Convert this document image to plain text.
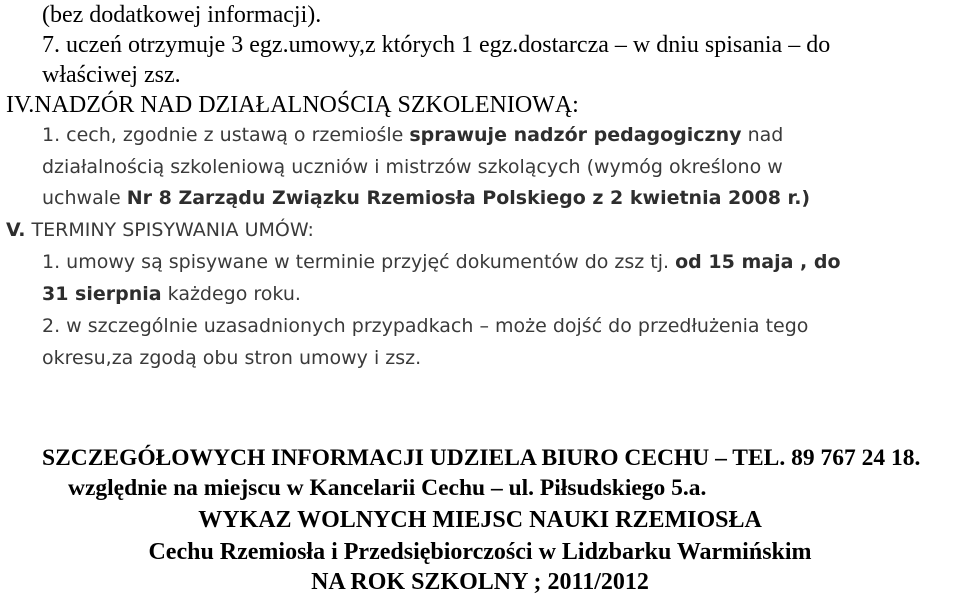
(bez dodatkowej informacji).
7. uczeń otrzymuje 3 egz.umowy,z których 1 egz.dostarcza – w dniu spisania – do
właściwej zsz.
IV.NADZÓR NAD DZIAŁALNOŚCIĄ SZKOLENIOWĄ:
1. cech, zgodnie z ustawą o rzemiośle sprawuje nadzór pedagogiczny nad
działalnością szkoleniową uczniów i mistrzów szkolących (wymóg określono w
uchwale Nr 8 Zarządu Związku Rzemiosła Polskiego z 2 kwietnia 2008 r.)
V. TERMINY SPISYWANIA UMÓW:
1. umowy są spisywane w terminie przyjęć dokumentów do zsz tj. od 15 maja , do
31 sierpnia każdego roku.
2. w szczególnie uzasadnionych przypadkach – może dojść do przedłużenia tego
okresu,za zgodą obu stron umowy i zsz.
SZCZEGÓŁOWYCH INFORMACJI UDZIELA BIURO CECHU – TEL. 89 767 24 18.
względnie na miejscu w Kancelarii Cechu – ul. Piłsudskiego 5.a.
WYKAZ WOLNYCH MIEJSC NAUKI RZEMIOSŁA
Cechu Rzemiosła i Przedsiębiorczości w Lidzbarku Warmińskim
NA ROK SZKOLNY ; 2011/2012
